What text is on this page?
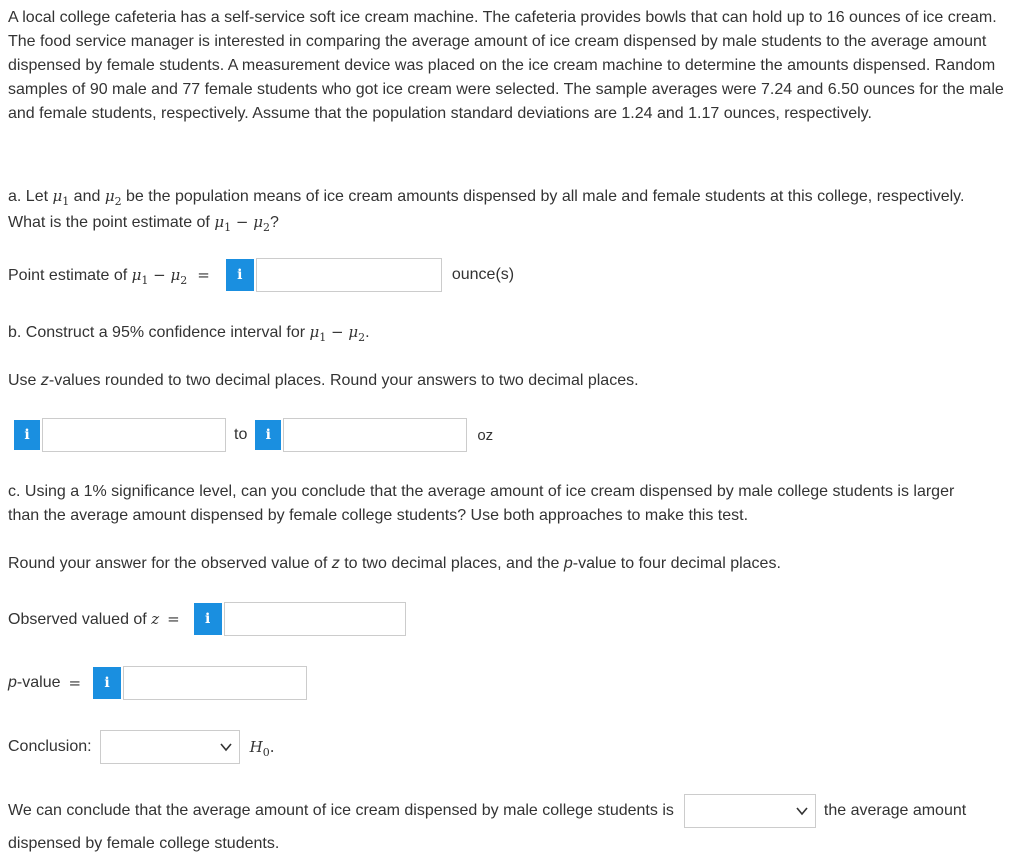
A local college cafeteria has a self-service soft ice cream machine. The cafeteria provides bowls that can hold up to 16 ounces of ice cream. The food service manager is interested in comparing the average amount of ice cream dispensed by male students to the average amount dispensed by female students. A measurement device was placed on the ice cream machine to determine the amounts dispensed. Random samples of 90 male and 77 female students who got ice cream were selected. The sample averages were 7.24 and 6.50 ounces for the male and female students, respectively. Assume that the population standard deviations are 1.24 and 1.17 ounces, respectively.

a. Let $\mu_1$ and $\mu_2$ be the population means of ice cream amounts dispensed by all male and female students at this college, respectively.
What is the point estimate of $\mu_1 - \mu_2$?

Point estimate of $\mu_1 - \mu_2$ =	i	ounce(s)

b. Construct a 95% confidence interval for $\mu_1 - \mu_2$.

Use z-values rounded to two decimal places. Round your answers to two decimal places.

i	to	i	oz

c. Using a 1% significance level, can you conclude that the average amount of ice cream dispensed by male college students is larger
than the average amount dispensed by female college students? Use both approaches to make this test.

Round your answer for the observed value of z to two decimal places, and the p-value to four decimal places.

Observed valued of z =	i
p-value =	i
Conclusion:	$H_0$.
We can conclude that the average amount of ice cream dispensed by male college students is	the average amount

dispensed by female college students.
